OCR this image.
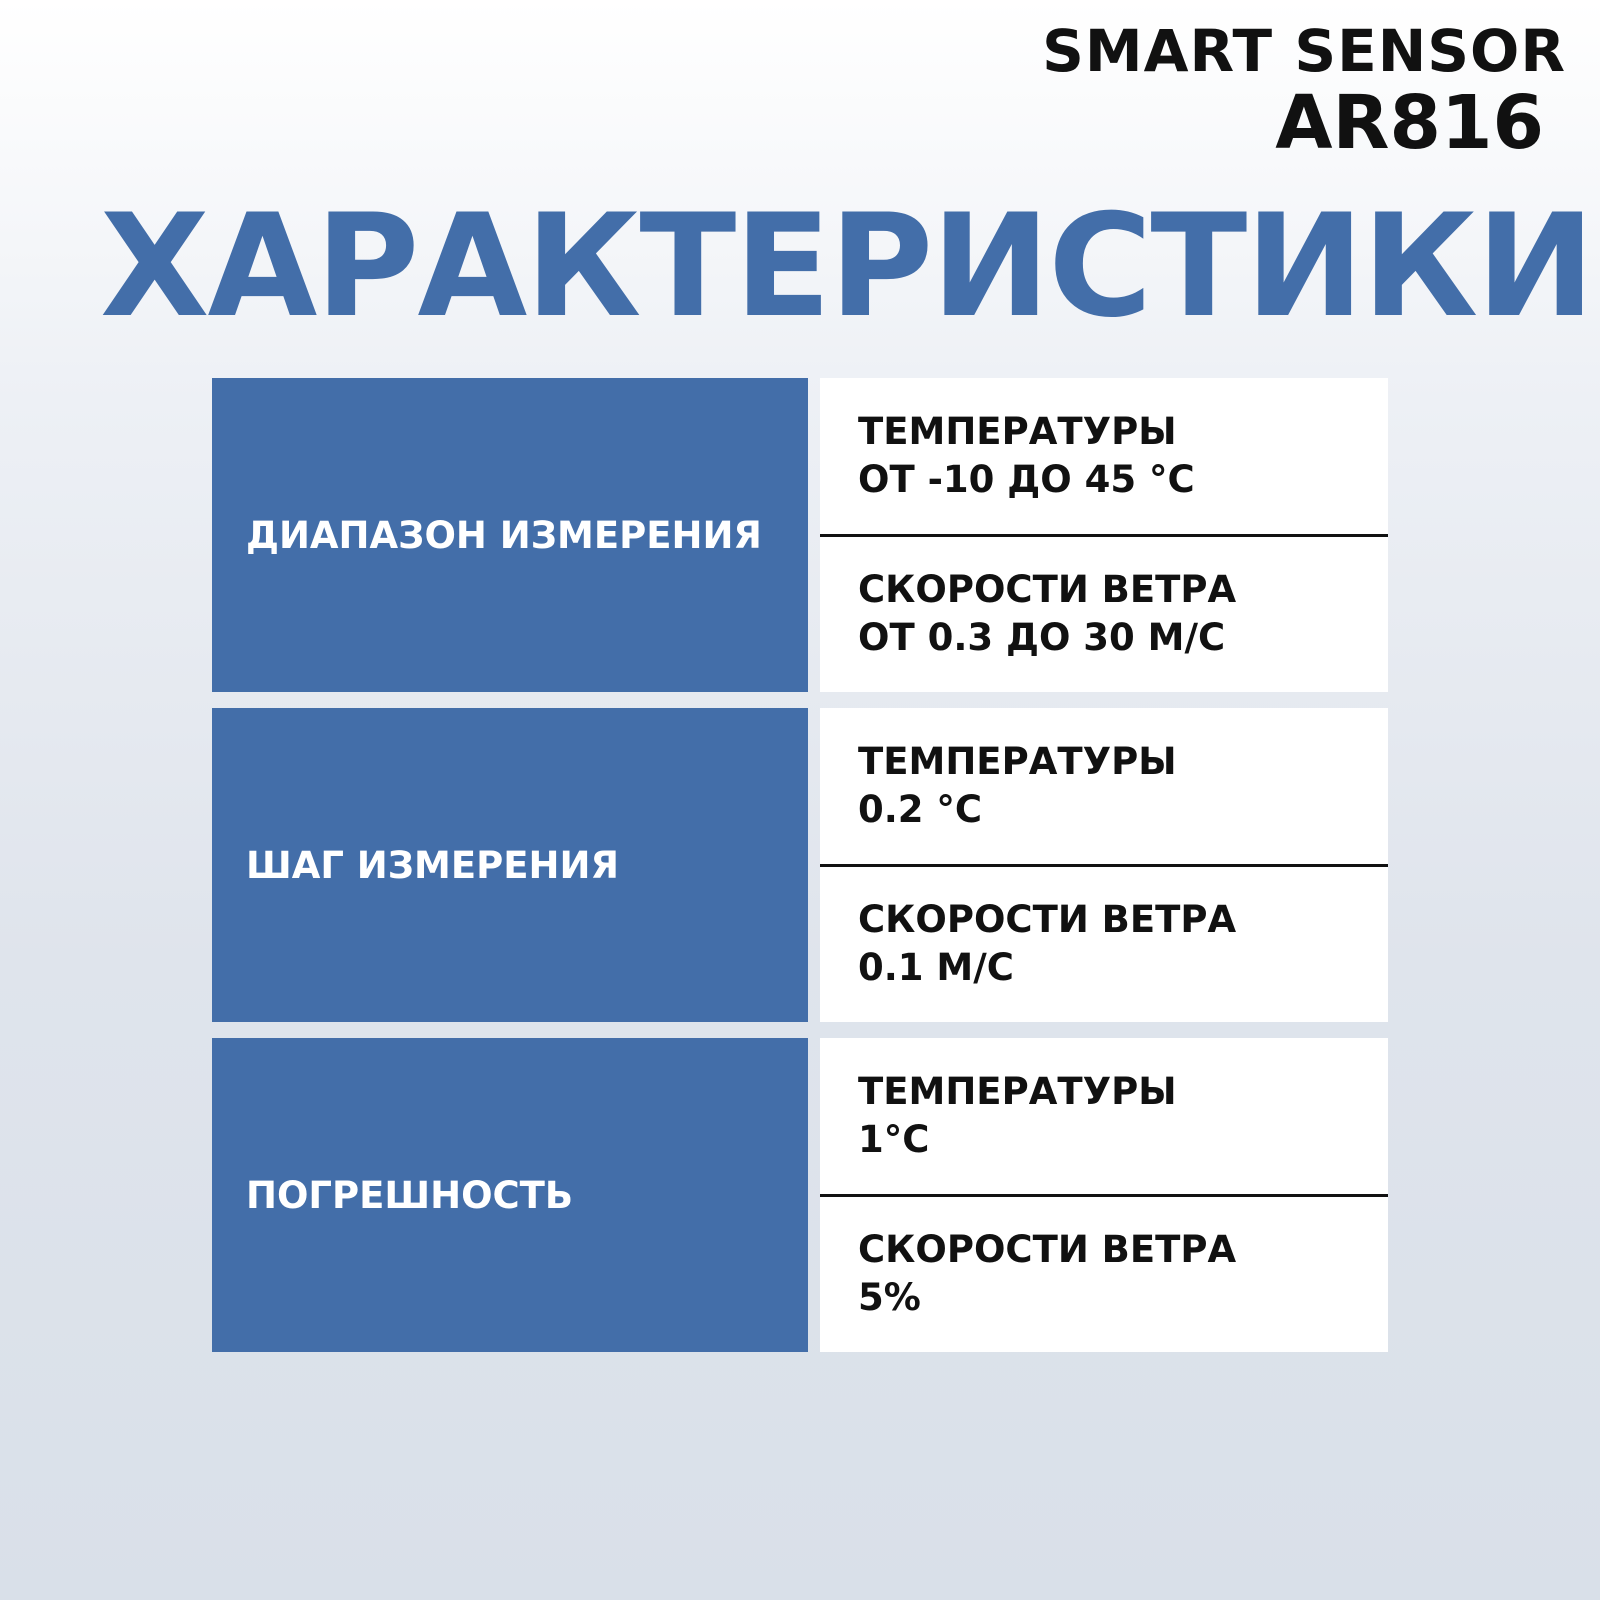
SMART SENSOR
AR816
ХАРАКТЕРИСТИКИ
ДИАПАЗОН ИЗМЕРЕНИЯ
ТЕМПЕРАТУРЫ
ОТ -10 ДО 45 °С
СКОРОСТИ ВЕТРА
ОТ 0.3 ДО 30 М/С
ШАГ ИЗМЕРЕНИЯ
ТЕМПЕРАТУРЫ
0.2 °С
СКОРОСТИ ВЕТРА
0.1 М/С
ПОГРЕШНОСТЬ
ТЕМПЕРАТУРЫ
1°С
СКОРОСТИ ВЕТРА
5%
